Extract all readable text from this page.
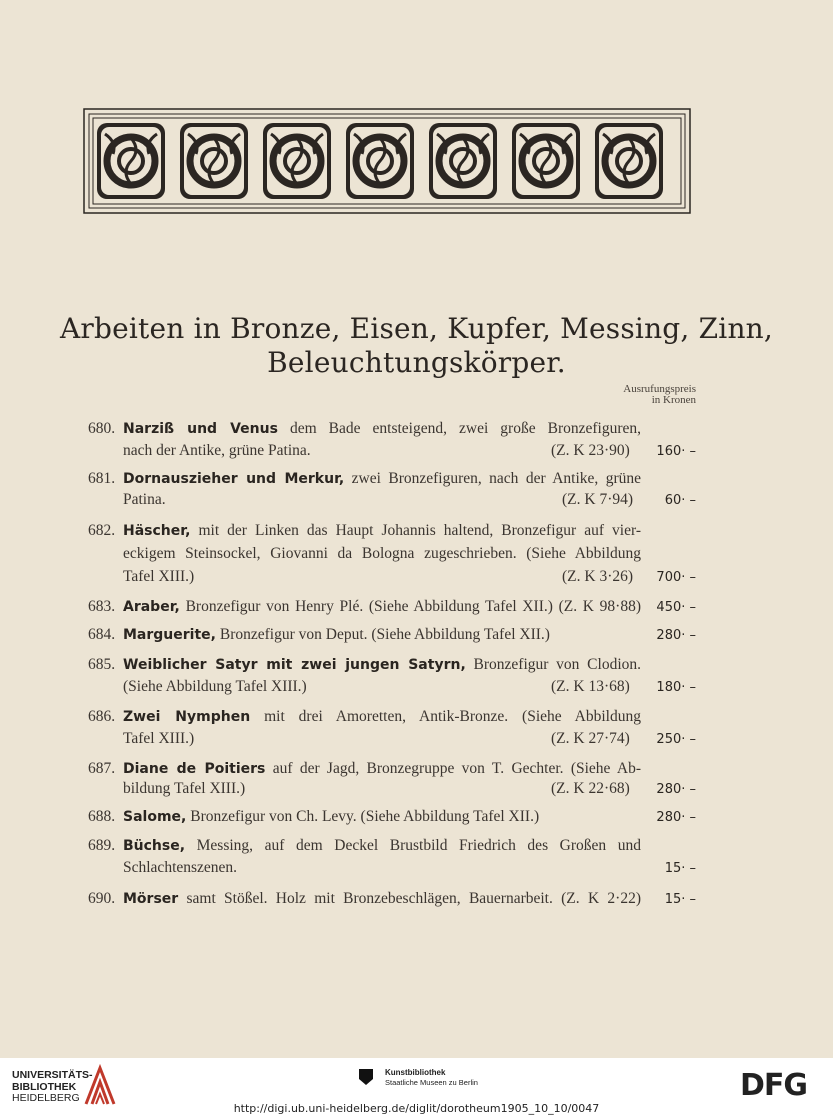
Arbeiten in Bronze, Eisen, Kupfer, Messing, Zinn,
Beleuchtungskörper.
Ausrufungspreis
in Kronen
680. Narziß und Venus dem Bade entsteigend, zwei große Bronzefiguren,
nach der Antike, grüne Patina.	(Z. K 23·90)	160· –
681. Dornauszieher und Merkur, zwei Bronzefiguren, nach der Antike, grüne
Patina.	(Z. K 7·94)	60· –
682. Häscher, mit der Linken das Haupt Johannis haltend, Bronzefigur auf vier-
eckigem Steinsockel, Giovanni da Bologna zugeschrieben. (Siehe Abbildung
Tafel XIII.)	(Z. K 3·26)	700· –
683. Araber, Bronzefigur von Henry Plé. (Siehe Abbildung Tafel XII.) (Z. K 98·88)	450· –
684. Marguerite, Bronzefigur von Deput. (Siehe Abbildung Tafel XII.)	280· –
685. Weiblicher Satyr mit zwei jungen Satyrn, Bronzefigur von Clodion.
(Siehe Abbildung Tafel XIII.)	(Z. K 13·68)	180· –
686. Zwei Nymphen mit drei Amoretten, Antik-Bronze. (Siehe Abbildung
Tafel XIII.)	(Z. K 27·74)	250· –
687. Diane de Poitiers auf der Jagd, Bronzegruppe von T. Gechter. (Siehe Ab-
bildung Tafel XIII.)	(Z. K 22·68)	280· –
688. Salome, Bronzefigur von Ch. Levy. (Siehe Abbildung Tafel XII.)	280· –
689. Büchse, Messing, auf dem Deckel Brustbild Friedrich des Großen und
Schlachtenszenen.	15· –
690. Mörser samt Stößel. Holz mit Bronzebeschlägen, Bauernarbeit. (Z. K 2·22)	15· –
UNIVERSITÄTS-
BIBLIOTHEK
HEIDELBERG
Kunstbibliothek
Staatliche Museen zu Berlin	DFG
http://digi.ub.uni-heidelberg.de/diglit/dorotheum1905_10_10/0047
